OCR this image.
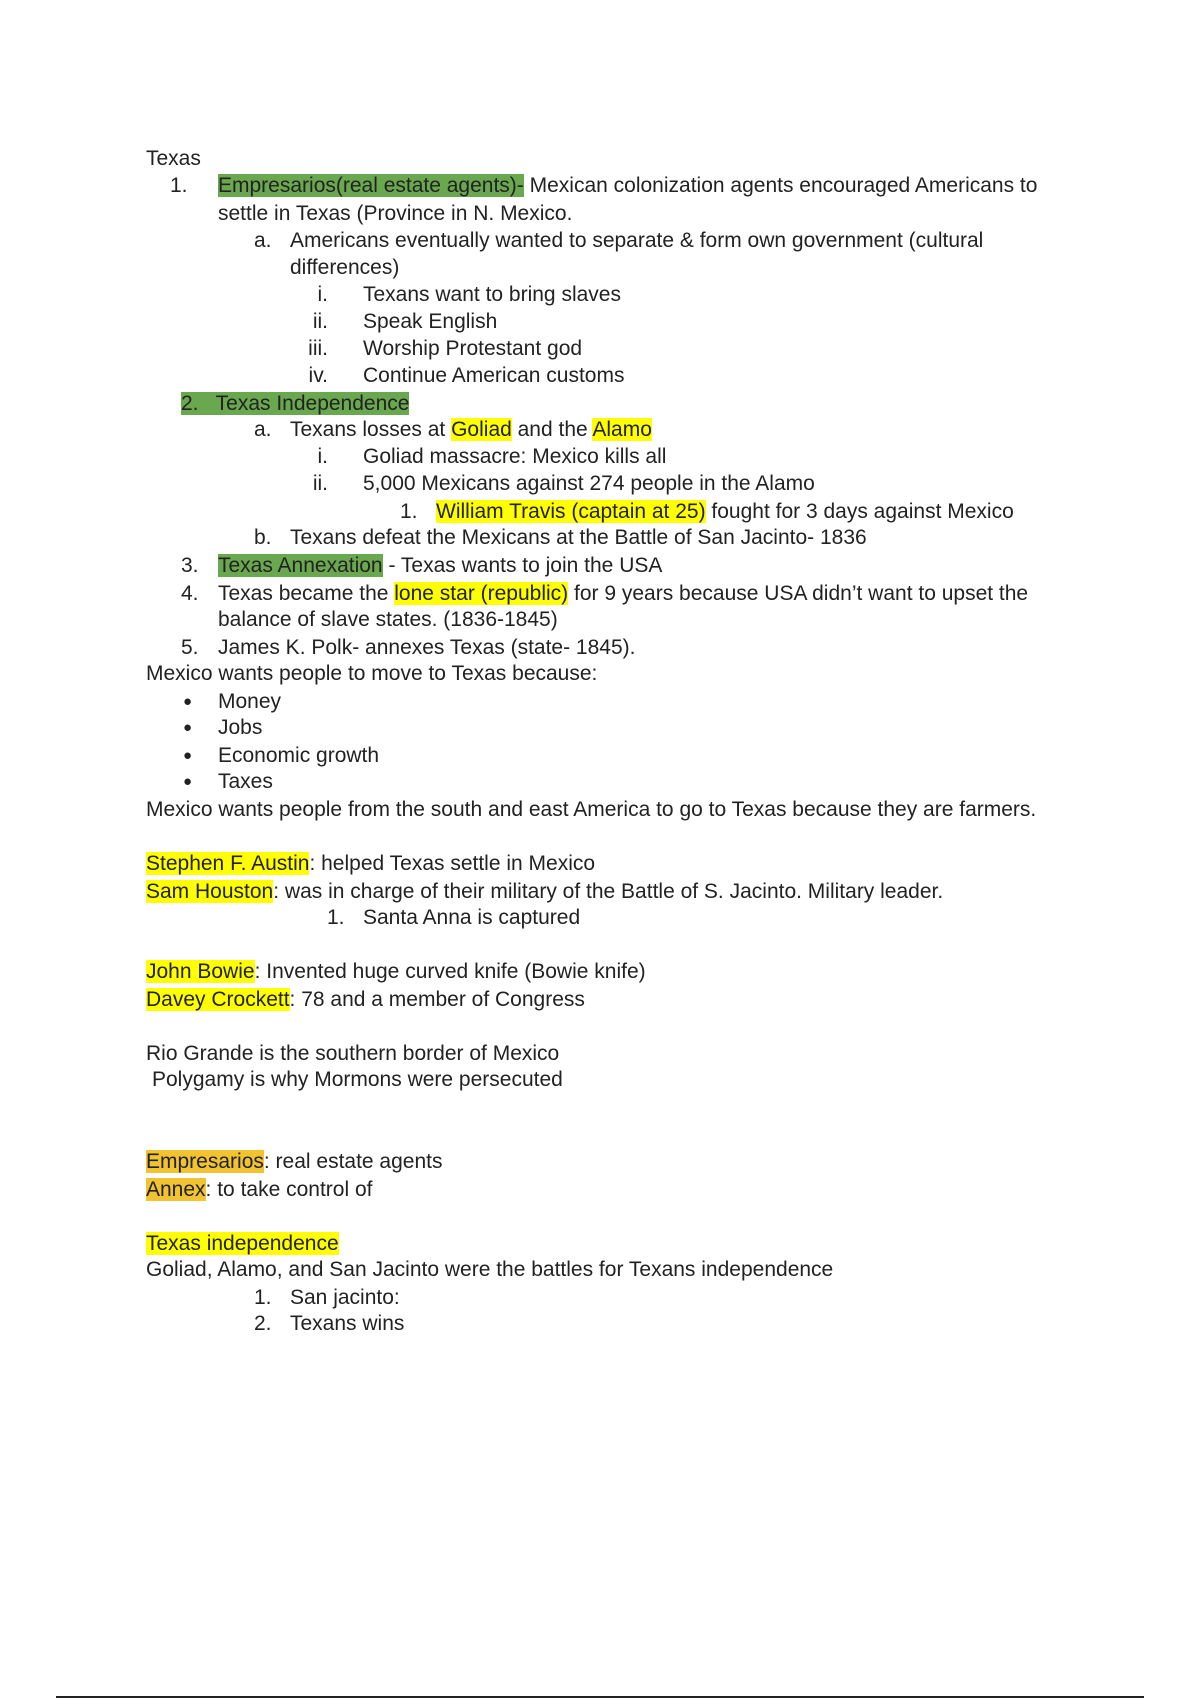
Texas
1.	Empresarios(real estate agents)- Mexican colonization agents encouraged Americans to
settle in Texas (Province in N. Mexico.
a. Americans eventually wanted to separate & form own government (cultural
differences)
i. Texans want to bring slaves
ii. Speak English
iii. Worship Protestant god
iv. Continue American customs
2.   Texas Independence
a. Texans losses at Goliad and the Alamo
i. Goliad massacre: Mexico kills all
ii. 5,000 Mexicans against 274 people in the Alamo
1. William Travis (captain at 25) fought for 3 days against Mexico
b. Texans defeat the Mexicans at the Battle of San Jacinto- 1836
3. Texas Annexation - Texas wants to join the USA
4. Texas became the lone star (republic) for 9 years because USA didn’t want to upset the
balance of slave states. (1836-1845)
5. James K. Polk- annexes Texas (state- 1845).
Mexico wants people to move to Texas because:
●	Money
●	Jobs
●	Economic growth
●	Taxes
Mexico wants people from the south and east America to go to Texas because they are farmers.
Stephen F. Austin: helped Texas settle in Mexico
Sam Houston: was in charge of their military of the Battle of S. Jacinto. Military leader.
1. Santa Anna is captured
John Bowie: Invented huge curved knife (Bowie knife)
Davey Crockett: 78 and a member of Congress
Rio Grande is the southern border of Mexico
Polygamy is why Mormons were persecuted
Empresarios: real estate agents
Annex: to take control of
Texas independence
Goliad, Alamo, and San Jacinto were the battles for Texans independence
1. San jacinto:
2. Texans wins
